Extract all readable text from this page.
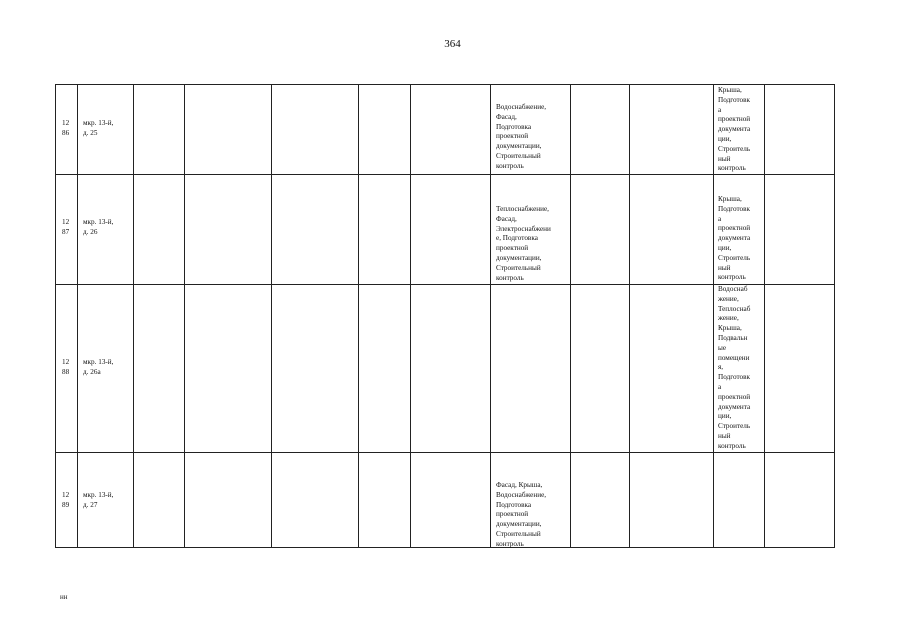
364
12
86
мкр. 13-й,
д. 25
Водоснабжение,
Фасад,
Подготовка
проектной
документации,
Строительный
контроль
Крыша,
Подготовк
а
проектной
документа
ции,
Строитель
ный
контроль
12
87
мкр. 13-й,
д. 26
Теплоснабжение,
Фасад,
Электроснабжени
е, Подготовка
проектной
документации,
Строительный
контроль
Крыша,
Подготовк
а
проектной
документа
ции,
Строитель
ный
контроль
12
88
мкр. 13-й,
д. 26а
Водоснаб
жение,
Теплоснаб
жение,
Крыша,
Подвальн
ые
помещени
я,
Подготовк
а
проектной
документа
ции,
Строитель
ный
контроль
12
89
мкр. 13-й,
д. 27
Фасад, Крыша,
Водоснабжение,
Подготовка
проектной
документации,
Строительный
контроль
нн
